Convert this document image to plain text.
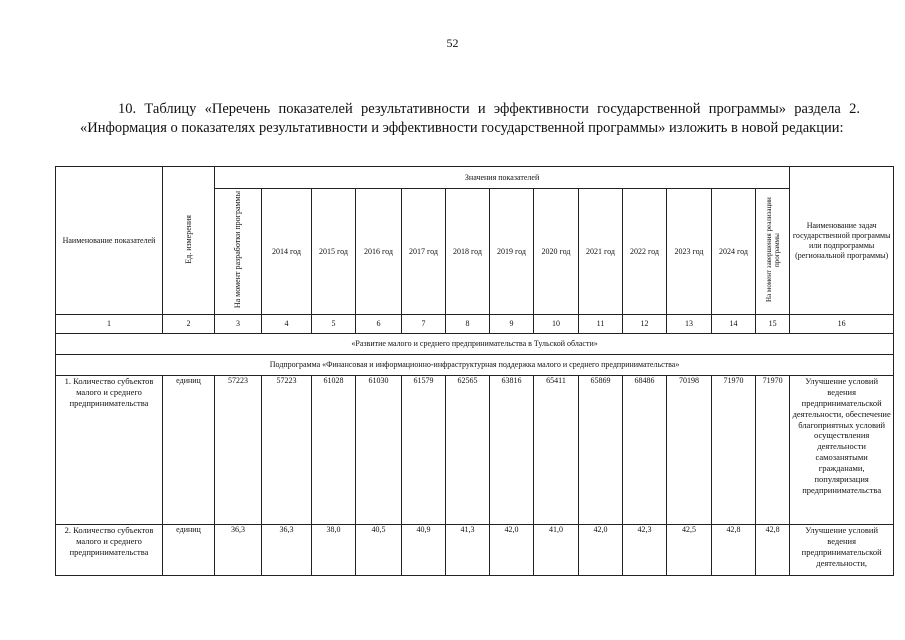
52
10. Таблицу «Перечень показателей результативности и эффективности государственной программы» раздела 2. «Информация о показателях результативности и эффективности государственной программы» изложить в новой редакции:
Наименование показателей	Ед. измерения	Значения показателей													Наименование задач государственной программы или подпрограммы (региональной программы)
		На момент разработки программы	2014 год	2015 год	2016 год	2017 год	2018 год	2019 год	2020 год	2021 год	2022 год	2023 год	2024 год	На момент завершения реализации программы	
1	2	3	4	5	6	7	8	9	10	11	12	13	14	15	16
«Развитие малого и среднего предпринимательства в Тульской области»															
Подпрограмма «Финансовая и информационно-инфраструктурная поддержка малого и среднего предпринимательства»															

1. Количество субъектов малого и среднего предпринимательства	единиц	57223	57223	61028	61030	61579	62565	63816	65411	65869	68486	70198	71970	71970	Улучшение условий ведения предпринимательской деятельности, обеспечение благоприятных условий осуществления деятельности самозанятыми гражданами, популяризация предпринимательства

2. Количество субъектов малого и среднего предпринимательства	единиц	36,3	36,3	38,0	40,5	40,9	41,3	42,0	41,0	42,0	42,3	42,5	42,8	42,8	Улучшение условий ведения предпринимательской деятельности,
